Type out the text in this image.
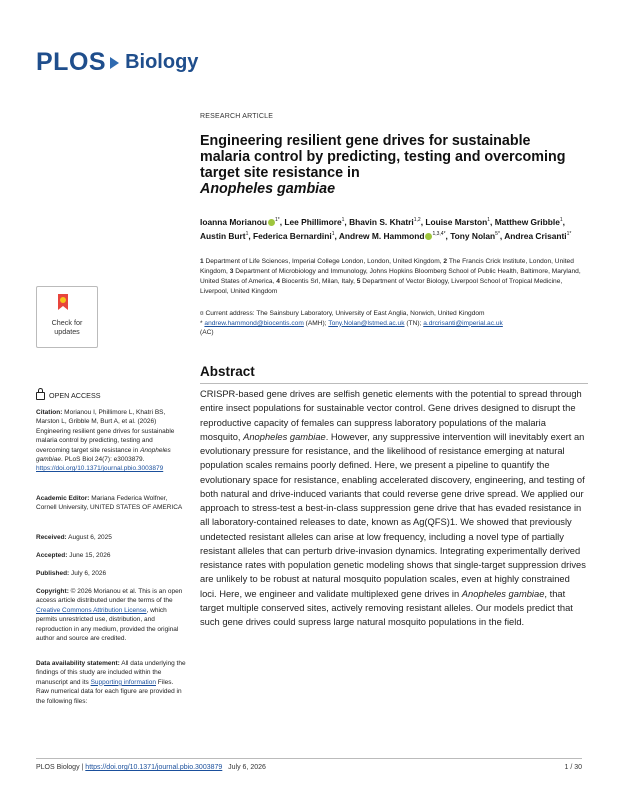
PLOS Biology
RESEARCH ARTICLE
Engineering resilient gene drives for sustainable malaria control by predicting, testing and overcoming target site resistance in
Anopheles gambiae
Ioanna Morianou $^{1*}$, Lee Phillimore$^1$, Bhavin S. Khatri$^{1,2}$, Louise Marston$^1$, Matthew Gribble$^1$, Austin Burt$^1$, Federica Bernardini$^1$, Andrew M. Hammond $^{1,3,4*}$, Tony Nolan$^{5*}$, Andrea Crisanti$^{1*}$
1 Department of Life Sciences, Imperial College London, London, United Kingdom, 2 The Francis Crick Institute, London, United Kingdom, 3 Department of Microbiology and Immunology, Johns Hopkins Bloomberg School of Public Health, Baltimore, Maryland, United States of America, 4 Biocentis Srl, Milan, Italy, 5 Department of Vector Biology, Liverpool School of Tropical Medicine, Liverpool, United Kingdom
¤ Current address: The Sainsbury Laboratory, University of East Anglia, Norwich, United Kingdom
* andrew.hammond@biocentis.com (AMH); Tony.Nolan@lstmed.ac.uk (TN); a.drcrisanti@imperial.ac.uk
(AC)
Check for
updates
OPEN ACCESS
Citation: Morianou I, Phillimore L, Khatri BS, Marston L, Gribble M, Burt A, et al. (2026) Engineering resilient gene drives for sustainable malaria control by predicting, testing and overcoming target site resistance in Anopheles gambiae. PLoS Biol 24(7): e3003879. https://doi.org/10.1371/journal.pbio.3003879
Academic Editor: Mariana Federica Wolfner, Cornell University, UNITED STATES OF AMERICA
Received: August 6, 2025
Accepted: June 15, 2026
Published: July 6, 2026
Copyright: © 2026 Morianou et al. This is an open access article distributed under the terms of the Creative Commons Attribution License, which permits unrestricted use, distribution, and reproduction in any medium, provided the original author and source are credited.
Data availability statement: All data underlying the findings of this study are included within the manuscript and its Supporting information Files. Raw numerical data for each figure are provided in the following files:
Abstract
CRISPR-based gene drives are selfish genetic elements with the potential to spread through entire insect populations for sustainable vector control. Gene drives designed to disrupt the reproductive capacity of females can suppress laboratory populations of the malaria mosquito, Anopheles gambiae. However, any suppressive intervention will inevitably exert an evolutionary pressure for resistance, and the likelihood of resistance emerging at natural population scales remains poorly defined. Here, we present a pipeline to quantify the evolutionary space for resistance, enabling accelerated discovery, engineering, and testing of both natural and drive-induced variants that could reverse gene drive spread. We applied our approach to stress-test a best-in-class suppression gene drive that has evaded resistance in all laboratory-contained releases to date, known as Ag(QFS)1. We showed that previously undetected resistant alleles can arise at low frequency, including a novel type of partially resistant alleles that can perturb drive-invasion dynamics. Integrating experimentally derived resistance rates with population genetic modeling shows that single-target suppression drives are unlikely to be robust at natural mosquito population scales, even at highly constrained loci. Here, we engineer and validate multiplexed gene drives in Anopheles gambiae, that target multiple conserved sites, actively removing resistant alleles. Our models predict that such gene drives could supress large natural mosquito populations in the field.
PLOS Biology | https://doi.org/10.1371/journal.pbio.3003879 July 6, 2026	1 / 30
